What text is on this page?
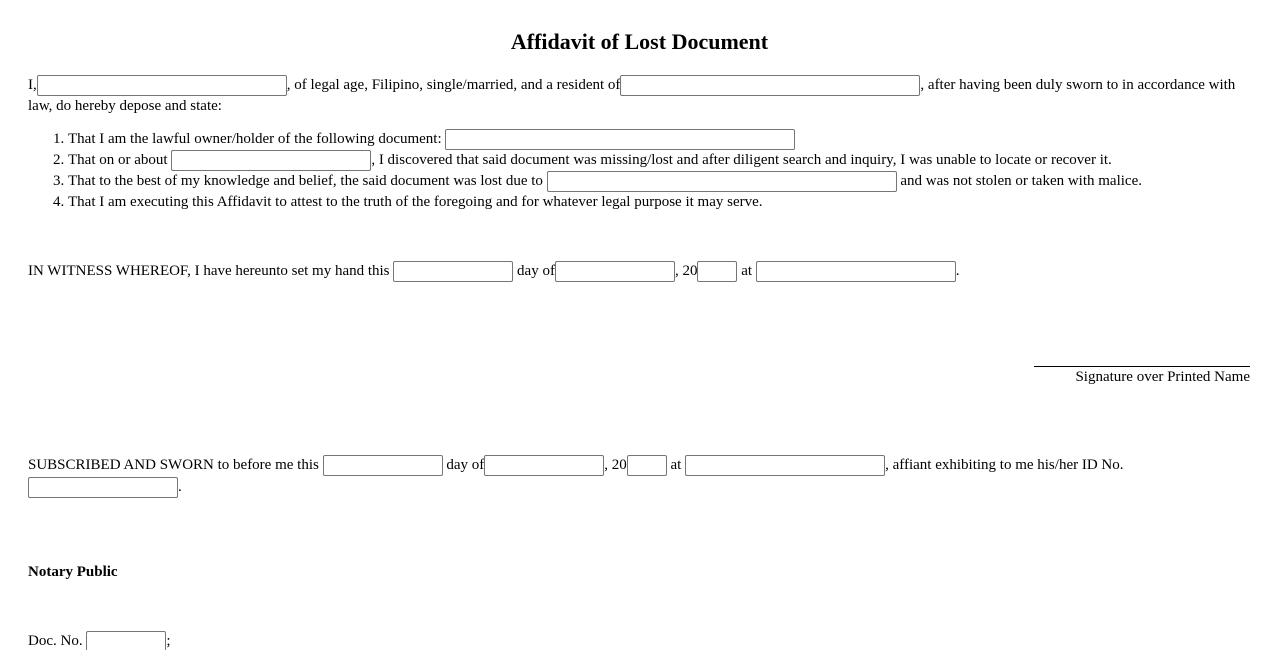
Affidavit of Lost Document
I,	, of legal age, Filipino, single/married, and a resident of	, after having been duly sworn to in accordance with law, do hereby depose and state:
1. That I am the lawful owner/holder of the following document:
2. That on or about	, I discovered that said document was missing/lost and after diligent search and inquiry, I was unable to locate or recover it.
3. That to the best of my knowledge and belief, the said document was lost due to	and was not stolen or taken with malice.
4. That I am executing this Affidavit to attest to the truth of the foregoing and for whatever legal purpose it may serve.
IN WITNESS WHEREOF, I have hereunto set my hand this	day of	, 20	at	.
Signature over Printed Name
SUBSCRIBED AND SWORN to before me this	day of	, 20	at	, affiant exhibiting to me his/her ID No.
.
Notary Public
Doc. No.	;
